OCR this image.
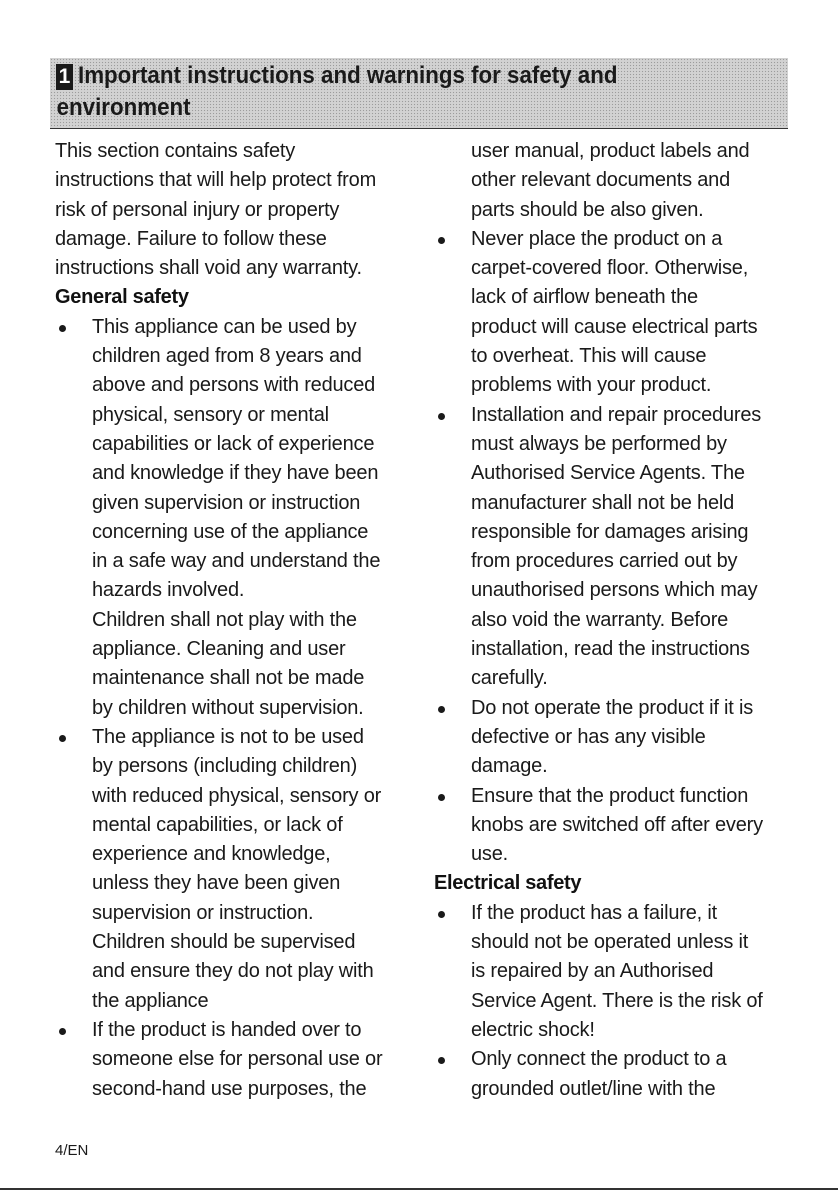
1 Important instructions and warnings for safety and
environment

This section contains safety

instructions that will help protect from

risk of personal injury or property

damage. Failure to follow these

instructions shall void any warranty.

General safety

This appliance can be used by

children aged from 8 years and

above and persons with reduced

physical, sensory or mental

capabilities or lack of experience

and knowledge if they have been

given supervision or instruction

concerning use of the appliance

in a safe way and understand the

hazards involved.

Children shall not play with the

appliance. Cleaning and user

maintenance shall not be made

by children without supervision.

The appliance is not to be used

by persons (including children)

with reduced physical, sensory or

mental capabilities, or lack of

experience and knowledge,

unless they have been given

supervision or instruction.

Children should be supervised

and ensure they do not play with

the appliance

If the product is handed over to

someone else for personal use or

second-hand use purposes, the

user manual, product labels and

other relevant documents and

parts should be also given.

Never place the product on a

carpet-covered floor. Otherwise,

lack of airflow beneath the

product will cause electrical parts

to overheat. This will cause

problems with your product.

Installation and repair procedures

must always be performed by

Authorised Service Agents. The

manufacturer shall not be held

responsible for damages arising

from procedures carried out by

unauthorised persons which may

also void the warranty. Before

installation, read the instructions

carefully.

Do not operate the product if it is

defective or has any visible

damage.

Ensure that the product function

knobs are switched off after every

use.

Electrical safety

If the product has a failure, it

should not be operated unless it

is repaired by an Authorised

Service Agent. There is the risk of

electric shock!

Only connect the product to a

grounded outlet/line with the

4/EN
